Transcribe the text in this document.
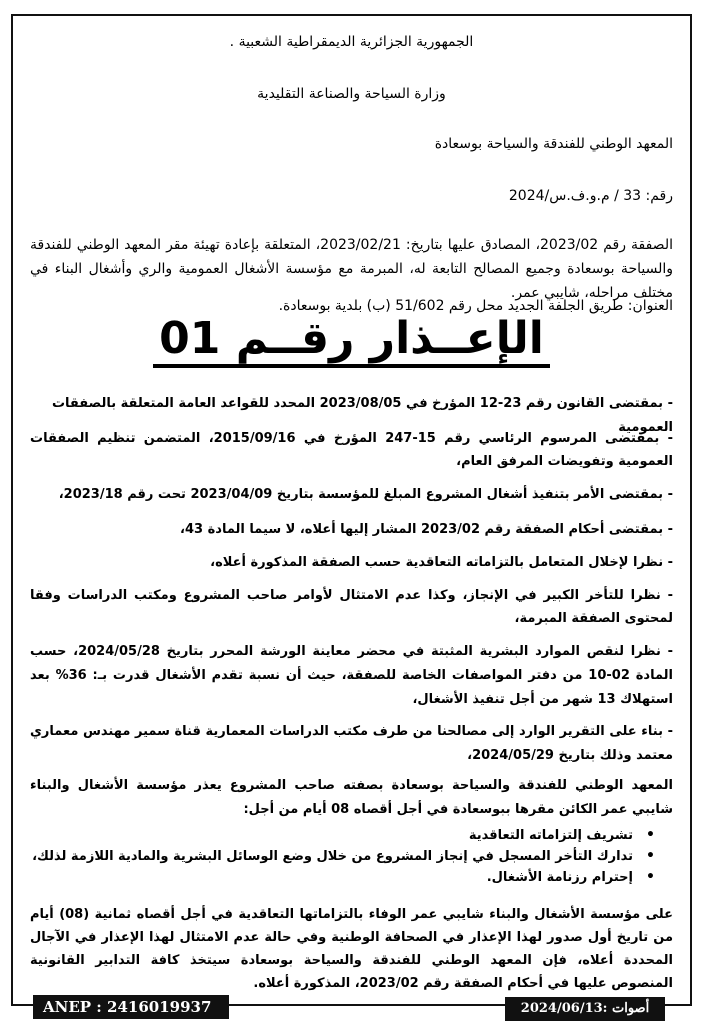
الجمهورية الجزائرية الديمقراطية الشعبية .
وزارة السياحة والصناعة التقليدية
المعهد الوطني للفندقة والسياحة بوسعادة
رقم: 33 / م.و.ف.س/2024
الصفقة رقم 2023/02، المصادق عليها بتاريخ: 2023/02/21، المتعلقة بإعادة تهيئة مقر المعهد الوطني للفندقة والسياحة بوسعادة وجميع المصالح التابعة له، المبرمة مع مؤسسة الأشغال العمومية والري وأشغال البناء في مختلف مراحله، شايبي عمر.
العنوان: طريق الجلفة الجديد محل رقم 51/602 (ب) بلدية بوسعادة.
الإعــذار رقــم 01
- بمقتضى القانون رقم 23-12 المؤرخ في 2023/08/05 المحدد للقواعد العامة المتعلقة بالصفقات العمومية
- بمقتضى المرسوم الرئاسي رقم 15-247 المؤرخ في 2015/09/16، المتضمن تنظيم الصفقات العمومية وتفويضات المرفق العام،
- بمقتضى الأمر بتنفيذ أشغال المشروع المبلغ للمؤسسة بتاريخ 2023/04/09 تحت رقم 2023/18،
- بمقتضى أحكام الصفقة رقم 2023/02 المشار إليها أعلاه، لا سيما المادة 43،
- نظرا لإخلال المتعامل بالتزاماته التعاقدية حسب الصفقة المذكورة أعلاه،
- نظرا للتأخر الكبير في الإنجاز، وكذا عدم الامتثال لأوامر صاحب المشروع ومكتب الدراسات وفقا لمحتوى الصفقة المبرمة،
- نظرا لنقص الموارد البشرية المثبتة في محضر معاينة الورشة المحرر بتاريخ 2024/05/28، حسب المادة 02-10 من دفتر المواصفات الخاصة للصفقة، حيث أن نسبة تقدم الأشغال قدرت بـ: 36% بعد استهلاك 13 شهر من أجل تنفيذ الأشغال،
- بناء على التقرير الوارد إلى مصالحنا من طرف مكتب الدراسات المعمارية قناة سمير مهندس معماري معتمد وذلك بتاريخ 2024/05/29،
المعهد الوطني للفندقة والسياحة بوسعادة بصفته صاحب المشروع يعذر مؤسسة الأشغال والبناء شايبي عمر الكائن مقرها ببوسعادة في أجل أقصاه 08 أيام من أجل:
• تشريف إلتزاماته التعاقدية
• تدارك التأخر المسجل في إنجاز المشروع من خلال وضع الوسائل البشرية والمادية اللازمة لذلك،
• إحترام رزنامة الأشغال.
على مؤسسة الأشغال والبناء شايبي عمر الوفاء بالتزاماتها التعاقدية في أجل أقصاه ثمانية (08) أيام من تاريخ أول صدور لهذا الإعذار في الصحافة الوطنية وفي حالة عدم الامتثال لهذا الإعذار في الآجال المحددة أعلاه، فإن المعهد الوطني للفندقة والسياحة بوسعادة سيتخذ كافة التدابير القانونية المنصوص عليها في أحكام الصفقة رقم 2023/02، المذكورة أعلاه.
ANEP : 2416019937	أصوات :2024/06/13
